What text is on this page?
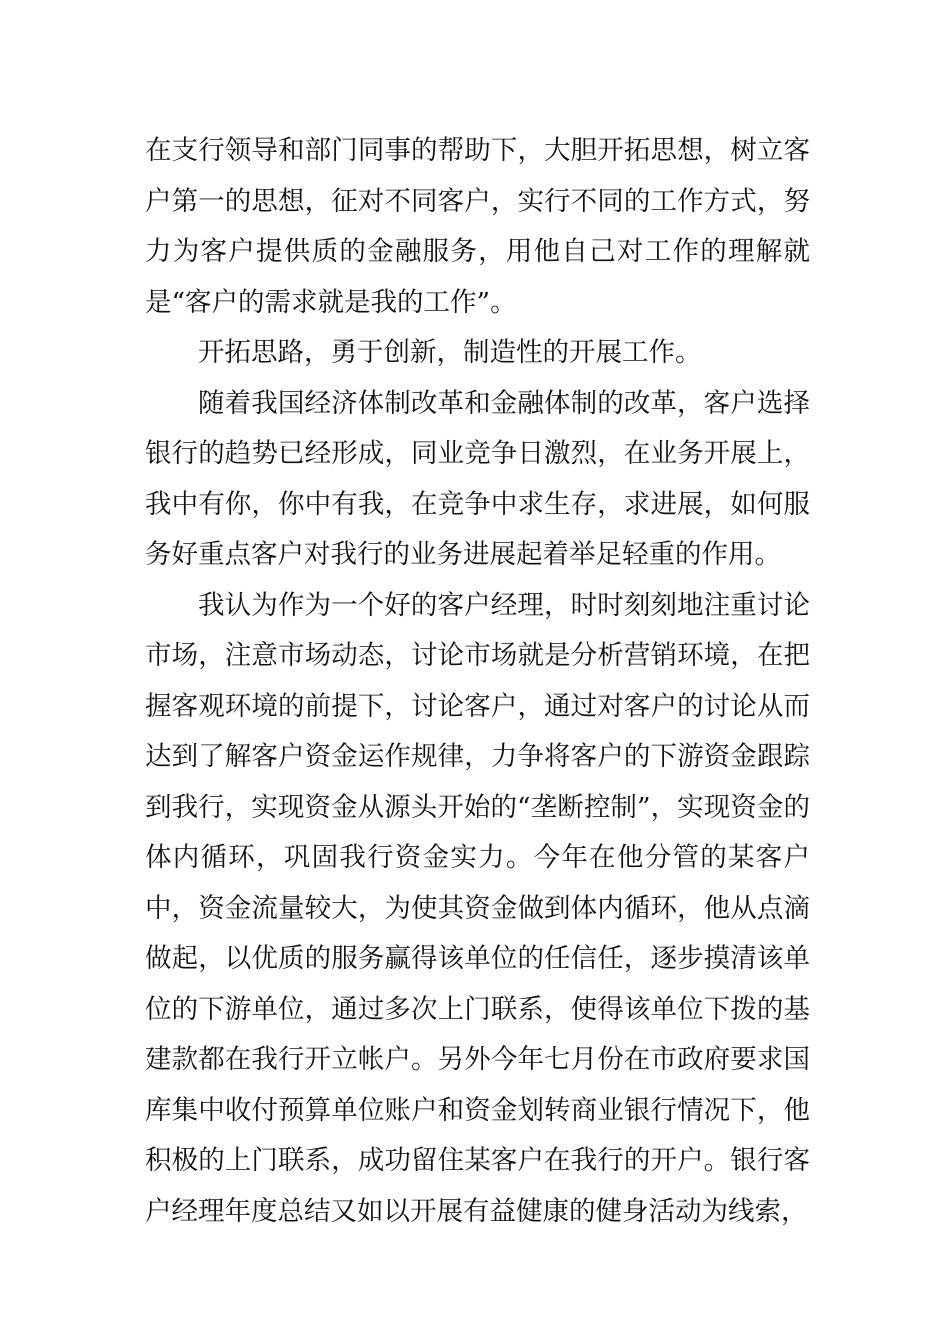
在支行领导和部门同事的帮助下，大胆开拓思想，树立客户第一的思想，征对不同客户，实行不同的工作方式，努力为客户提供质的金融服务，用他自己对工作的理解就是“客户的需求就是我的工作”。

开拓思路，勇于创新，制造性的开展工作。

随着我国经济体制改革和金融体制的改革，客户选择银行的趋势已经形成，同业竞争日激烈，在业务开展上，我中有你，你中有我，在竞争中求生存，求进展，如何服务好重点客户对我行的业务进展起着举足轻重的作用。

我认为作为一个好的客户经理，时时刻刻地注重讨论市场，注意市场动态，讨论市场就是分析营销环境，在把握客观环境的前提下，讨论客户，通过对客户的讨论从而达到了解客户资金运作规律，力争将客户的下游资金跟踪到我行，实现资金从源头开始的“垄断控制”，实现资金的体内循环，巩固我行资金实力。今年在他分管的某客户中，资金流量较大，为使其资金做到体内循环，他从点滴做起，以优质的服务赢得该单位的任信任，逐步摸清该单位的下游单位，通过多次上门联系，使得该单位下拨的基建款都在我行开立帐户。另外今年七月份在市政府要求国库集中收付预算单位账户和资金划转商业银行情况下，他积极的上门联系，成功留住某客户在我行的开户。银行客户经理年度总结又如以开展有益健康的健身活动为线索，
